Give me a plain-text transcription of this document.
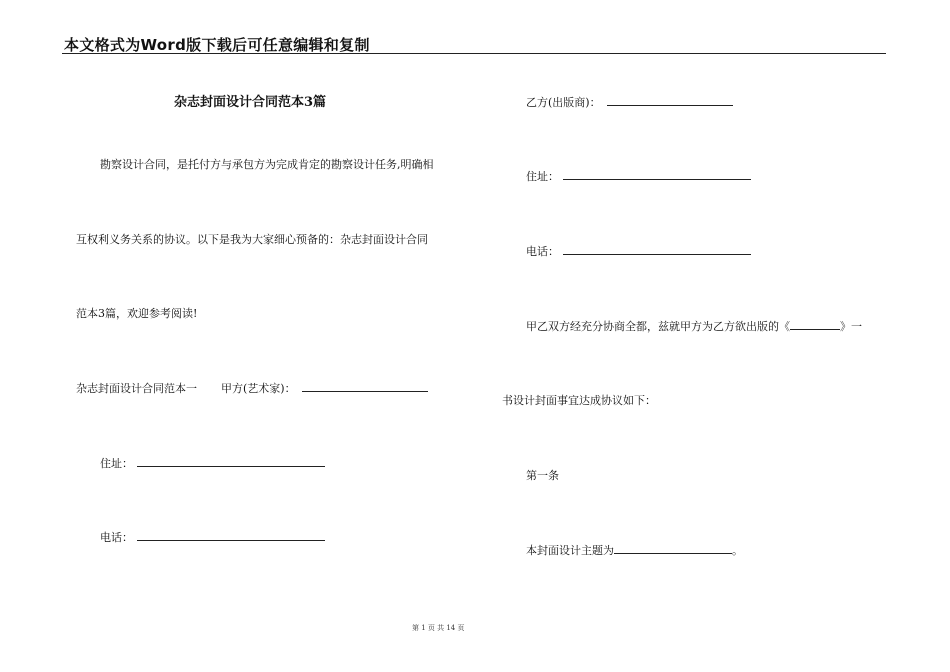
本文格式为Word版下载后可任意编辑和复制
杂志封面设计合同范本3篇
勘察设计合同，是托付方与承包方为完成肯定的勘察设计任务,明确相
互权利义务关系的协议。以下是我为大家细心预备的：杂志封面设计合同
范本3篇，欢迎参考阅读!
杂志封面设计合同范本一 甲方(艺术家)：
住址：
电话：
乙方(出版商)：
住址：
电话：
甲乙双方经充分协商全都，兹就甲方为乙方欲出版的《	》一
书设计封面事宜达成协议如下：
第一条
本封面设计主题为	。
第 1 页 共 14 页
